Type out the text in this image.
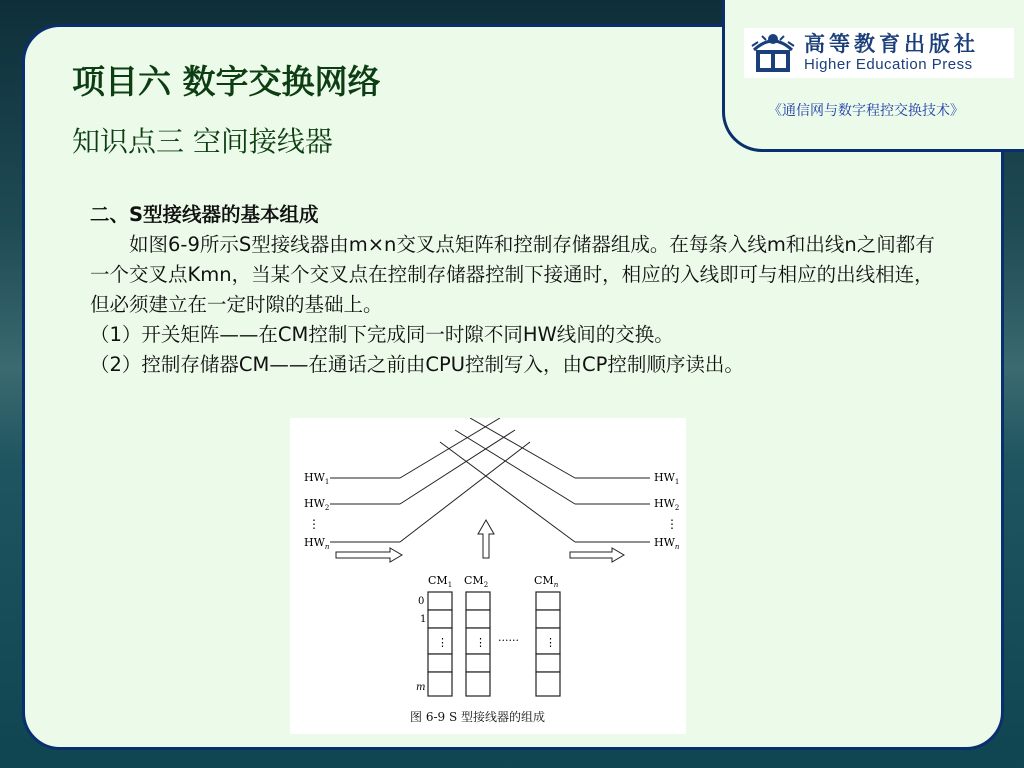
高等教育出版社
Higher Education Press
《通信网与数字程控交换技术》
项目六 数字交换网络
知识点三 空间接线器

二、S型接线器的基本组成

如图6-9所示S型接线器由m×n交叉点矩阵和控制存储器组成。在每条入线m和出线n之间都有一个交叉点Kmn，当某个交叉点在控制存储器控制下接通时，相应的入线即可与相应的出线相连，但必须建立在一定时隙的基础上。

（1）开关矩阵——在CM控制下完成同一时隙不同HW线间的交换。

（2）控制存储器CM——在通话之前由CPU控制写入，由CP控制顺序读出。

$HW_1$
$HW_2$
⋮
$HW_n$
$HW_1$
$HW_2$
⋮
$HW_n$
$CM_1$ $CM_2$	$CM_n$
0
1
m
⋮ ⋮	⋮
······
图 6-9 S 型接线器的组成
